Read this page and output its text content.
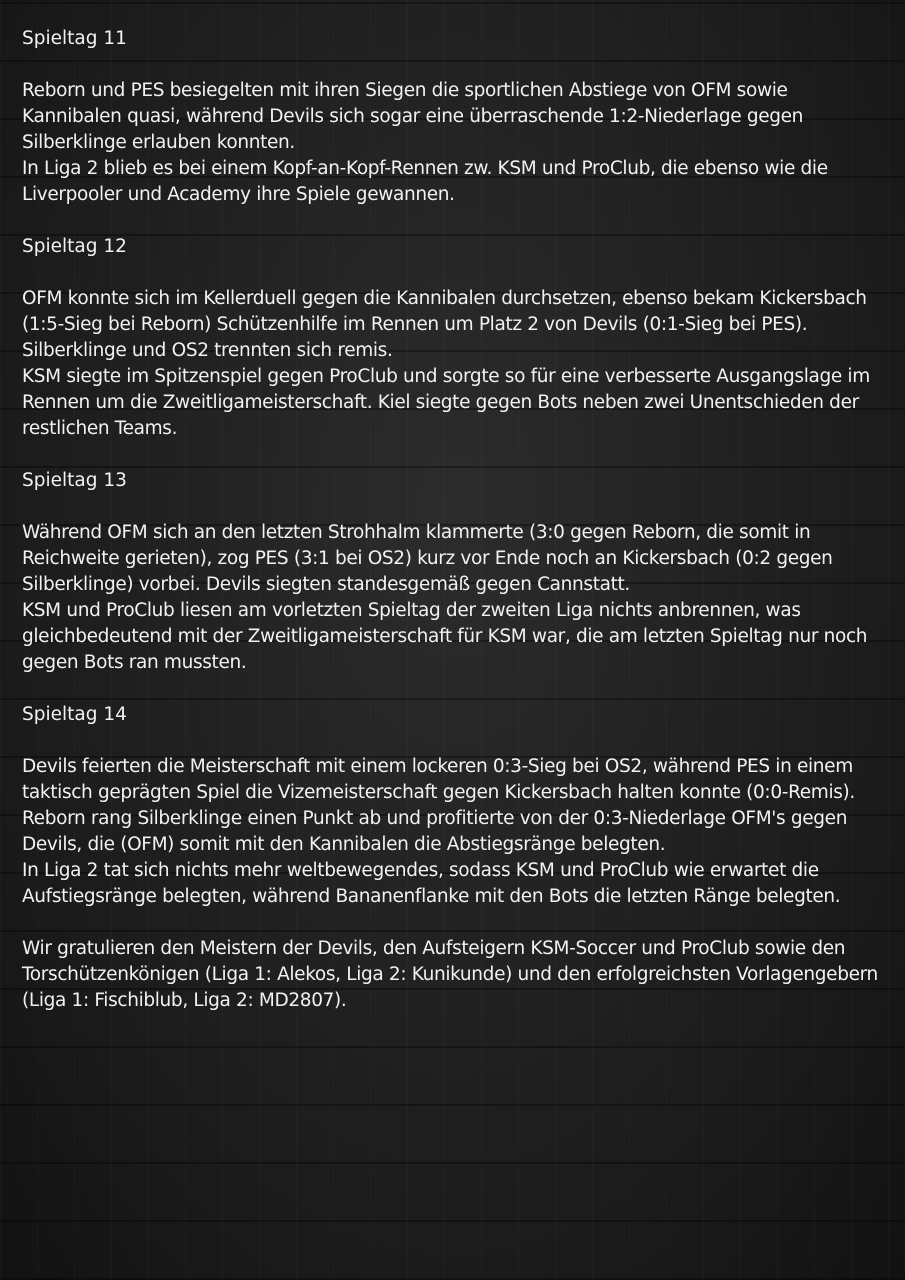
Spieltag 11

Reborn und PES besiegelten mit ihren Siegen die sportlichen Abstiege von OFM sowie Kannibalen quasi, während Devils sich sogar eine überraschende 1:2-Niederlage gegen Silberklinge erlauben konnten.

In Liga 2 blieb es bei einem Kopf-an-Kopf-Rennen zw. KSM und ProClub, die ebenso wie die Liverpooler und Academy ihre Spiele gewannen.

Spieltag 12

OFM konnte sich im Kellerduell gegen die Kannibalen durchsetzen, ebenso bekam Kickersbach (1:5-Sieg bei Reborn) Schützenhilfe im Rennen um Platz 2 von Devils (0:1-Sieg bei PES). Silberklinge und OS2 trennten sich remis.

KSM siegte im Spitzenspiel gegen ProClub und sorgte so für eine verbesserte Ausgangslage im Rennen um die Zweitligameisterschaft. Kiel siegte gegen Bots neben zwei Unentschieden der restlichen Teams.

Spieltag 13

Während OFM sich an den letzten Strohhalm klammerte (3:0 gegen Reborn, die somit in Reichweite gerieten), zog PES (3:1 bei OS2) kurz vor Ende noch an Kickersbach (0:2 gegen Silberklinge) vorbei. Devils siegten standesgemäß gegen Cannstatt.

KSM und ProClub liesen am vorletzten Spieltag der zweiten Liga nichts anbrennen, was gleichbedeutend mit der Zweitligameisterschaft für KSM war, die am letzten Spieltag nur noch gegen Bots ran mussten.

Spieltag 14

Devils feierten die Meisterschaft mit einem lockeren 0:3-Sieg bei OS2, während PES in einem taktisch geprägten Spiel die Vizemeisterschaft gegen Kickersbach halten konnte (0:0-Remis). Reborn rang Silberklinge einen Punkt ab und profitierte von der 0:3-Niederlage OFM's gegen Devils, die (OFM) somit mit den Kannibalen die Abstiegsränge belegten.

In Liga 2 tat sich nichts mehr weltbewegendes, sodass KSM und ProClub wie erwartet die Aufstiegsränge belegten, während Bananenflanke mit den Bots die letzten Ränge belegten.

Wir gratulieren den Meistern der Devils, den Aufsteigern KSM-Soccer und ProClub sowie den Torschützenkönigen (Liga 1: Alekos, Liga 2: Kunikunde) und den erfolgreichsten Vorlagengebern (Liga 1: Fischiblub, Liga 2: MD2807).
